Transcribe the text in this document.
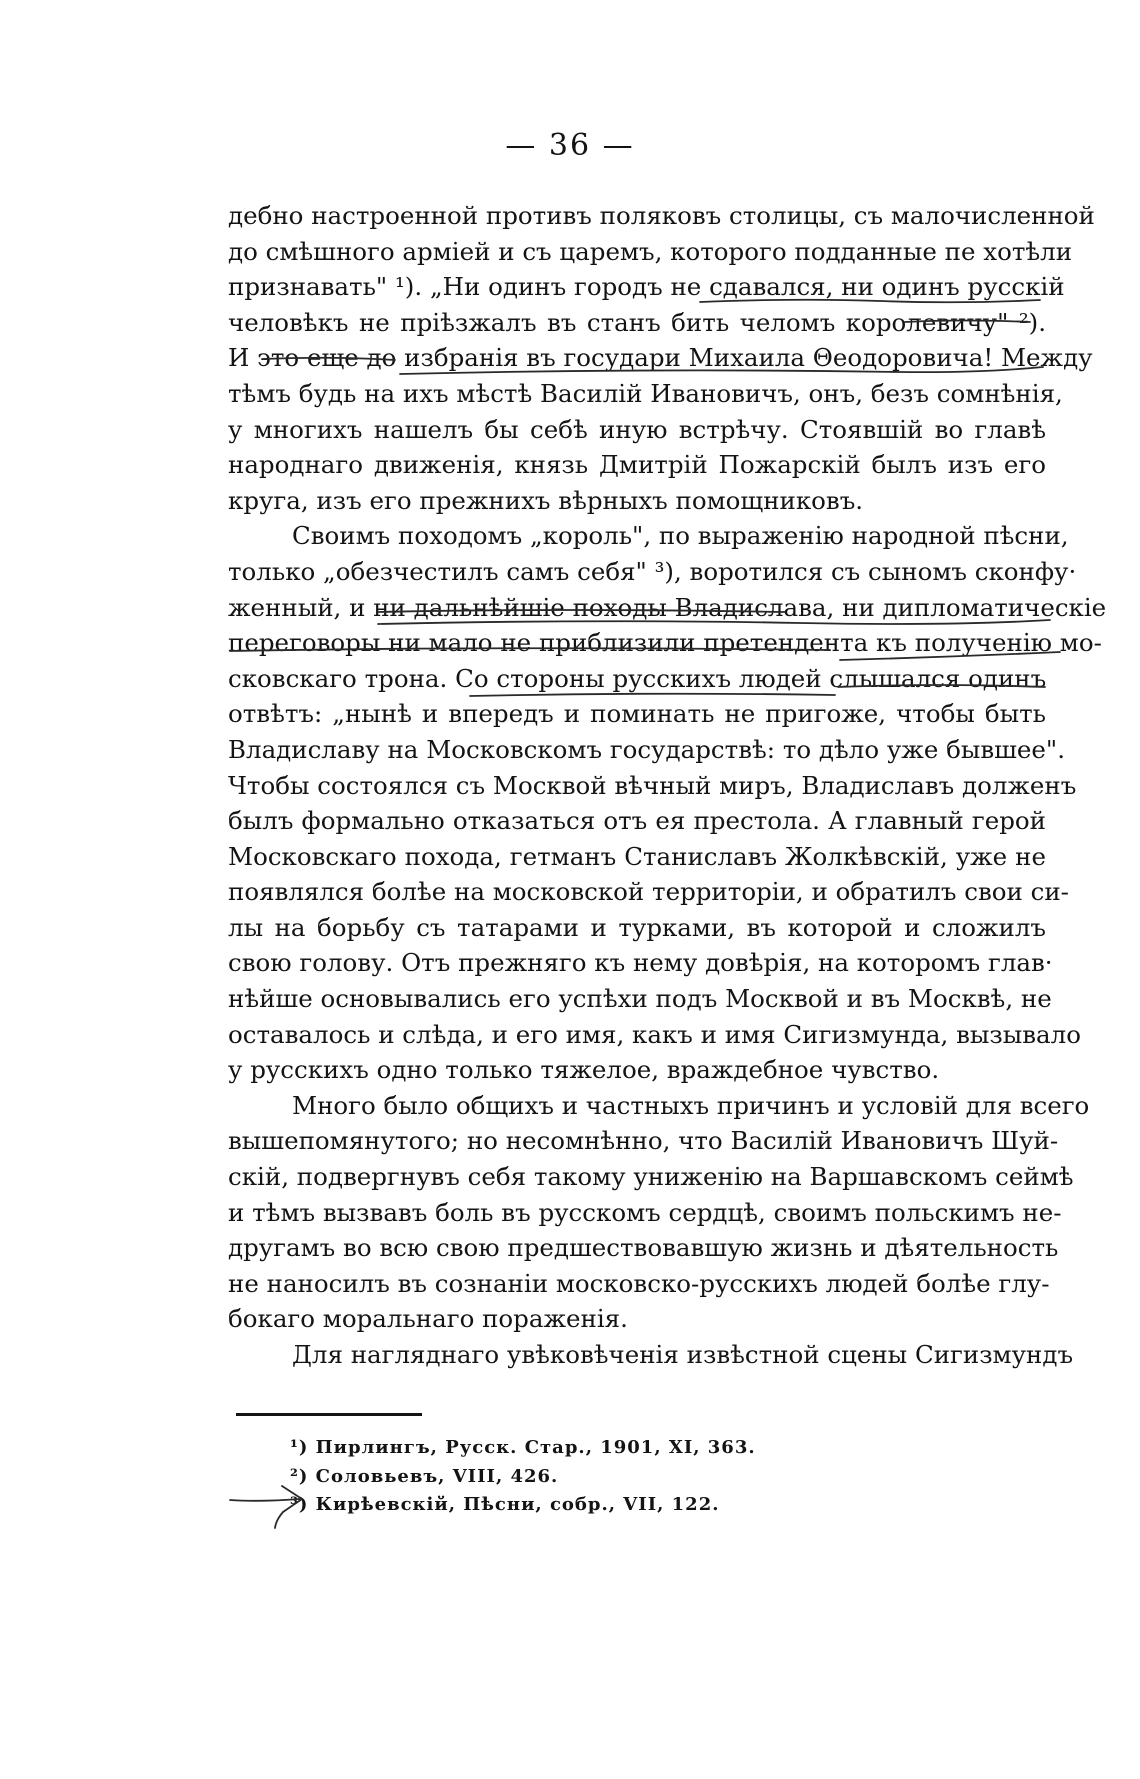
— 36 —
дебно настроенной противъ поляковъ столицы, съ малочисленной
до смѣшного арміей и съ царемъ, которого подданные пе хотѣли
признавать" ¹). „Ни одинъ городъ не сдавался, ни одинъ русскій
человѣкъ не пріѣзжалъ въ станъ бить челомъ королевичу" ²).
И это еще до избранія въ государи Михаила Θеодоровича! Между
тѣмъ будь на ихъ мѣстѣ Василій Ивановичъ, онъ, безъ сомнѣнія,
у многихъ нашелъ бы себѣ иную встрѣчу. Стоявшій во главѣ
народнаго движенія, князь Дмитрій Пожарскій былъ изъ его
круга, изъ его прежнихъ вѣрныхъ помощниковъ.
Своимъ походомъ „король", по выраженію народной пѣсни,
только „обезчестилъ самъ себя" ³), воротился съ сыномъ сконфу·
женный, и ни дальнѣйшіе походы Владислава, ни дипломатическіе
переговоры ни мало не приблизили претендента къ полученію мо-
сковскаго трона. Со стороны русскихъ людей слышался одинъ
отвѣтъ: „нынѣ и впередъ и поминать не пригоже, чтобы быть
Владиславу на Московскомъ государствѣ: то дѣло уже бывшее".
Чтобы состоялся съ Москвой вѣчный миръ, Владиславъ долженъ
былъ формально отказаться отъ ея престола. А главный герой
Московскаго похода, гетманъ Станиславъ Жолкѣвскій, уже не
появлялся болѣе на московской территоріи, и обратилъ свои си-
лы на борьбу съ татарами и турками, въ которой и сложилъ
свою голову. Отъ прежняго къ нему довѣрія, на которомъ глав·
нѣйше основывались его успѣхи подъ Москвой и въ Москвѣ, не
оставалось и слѣда, и его имя, какъ и имя Сигизмунда, вызывало
у русскихъ одно только тяжелое, враждебное чувство.
Много было общихъ и частныхъ причинъ и условій для всего
вышепомянутого; но несомнѣнно, что Василій Ивановичъ Шуй-
скій, подвергнувъ себя такому униженію на Варшавскомъ сеймѣ
и тѣмъ вызвавъ боль въ русскомъ сердцѣ, своимъ польскимъ не-
другамъ во всю свою предшествовавшую жизнь и дѣятельность
не наносилъ въ сознаніи московско-русскихъ людей болѣе глу-
бокаго моральнаго пораженія.
Для нагляднаго увѣковѣченія извѣстной сцены Сигизмундъ
¹) Пирлингъ, Русск. Стар., 1901, XI, 363.
²) Соловьевъ, VIII, 426.
³) Кирѣевскій, Пѣсни, собр., VII, 122.
